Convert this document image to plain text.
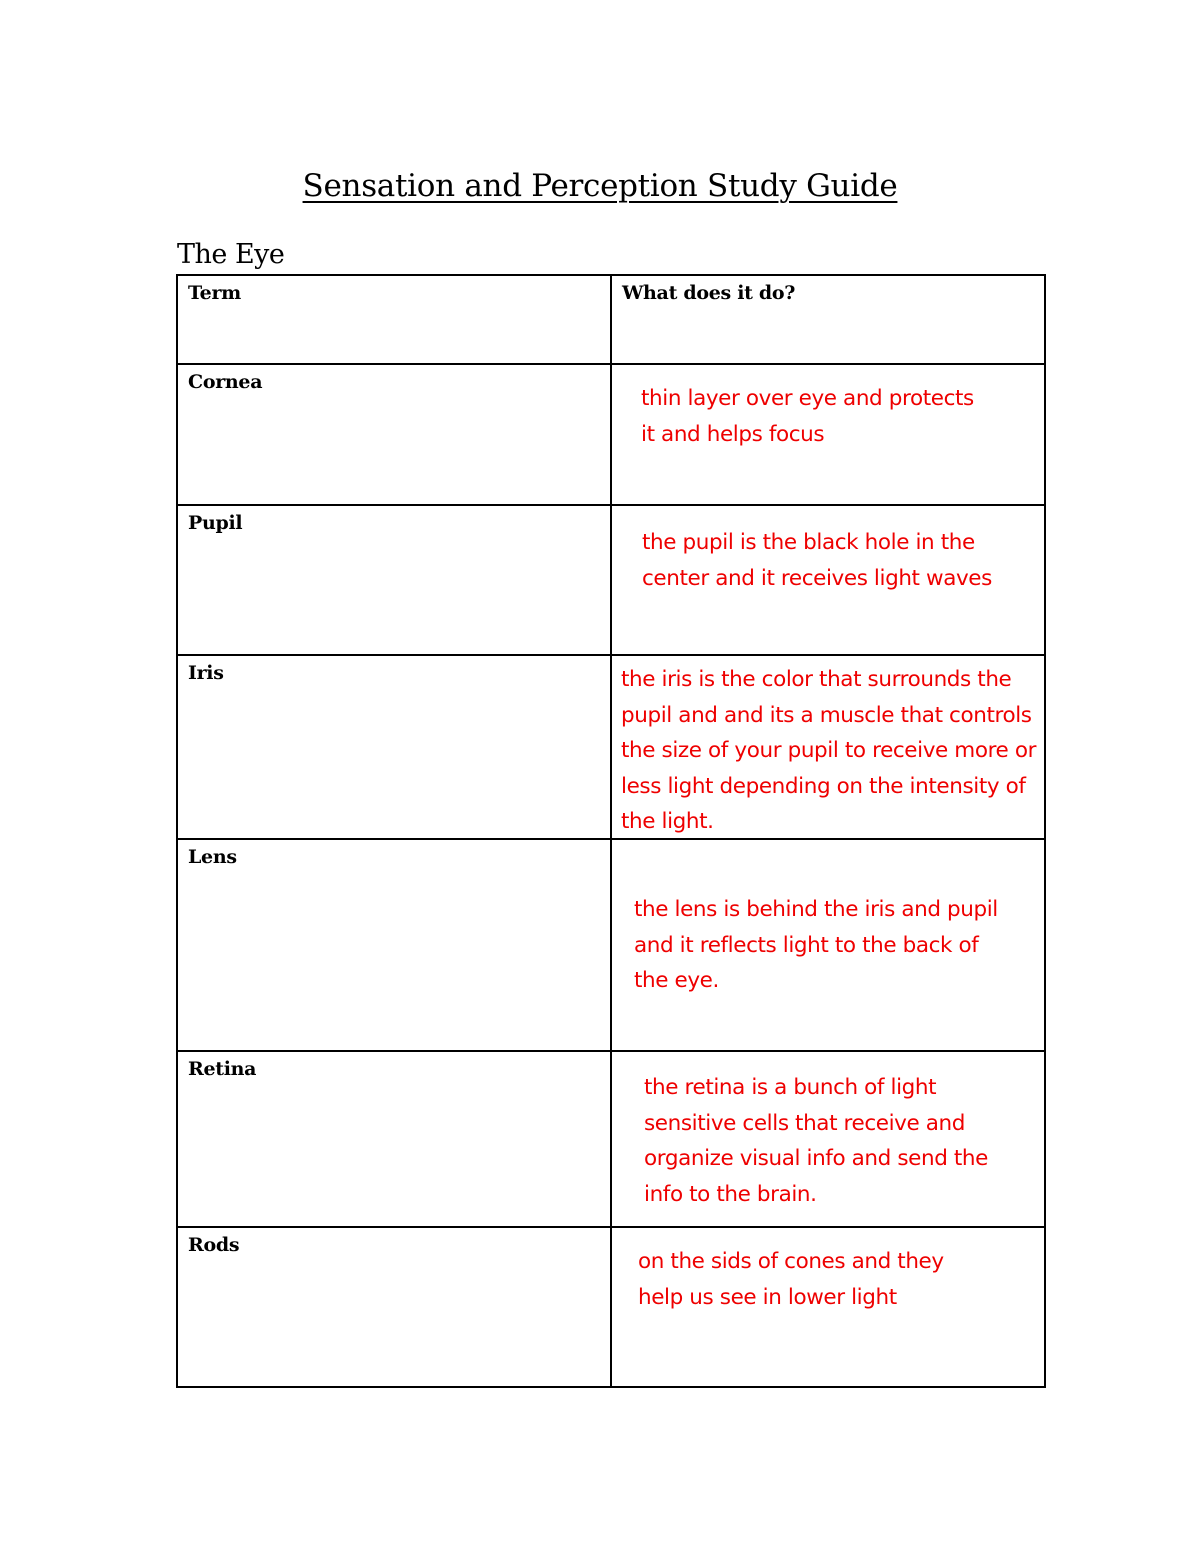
Sensation and Perception Study Guide
The Eye
Term	What does it do?

Cornea	thin layer over eye and protects
it and helps focus

Pupil	the pupil is the black hole in the
center and it receives light waves

Iris	the iris is the color that surrounds the
pupil and and its a muscle that controls
the size of your pupil to receive more or
less light depending on the intensity of
the light.

Lens	the lens is behind the iris and pupil
and it reflects light to the back of
the eye.

Retina	the retina is a bunch of light
sensitive cells that receive and
organize visual info and send the
info to the brain.

Rods	on the sids of cones and they
help us see in lower light
